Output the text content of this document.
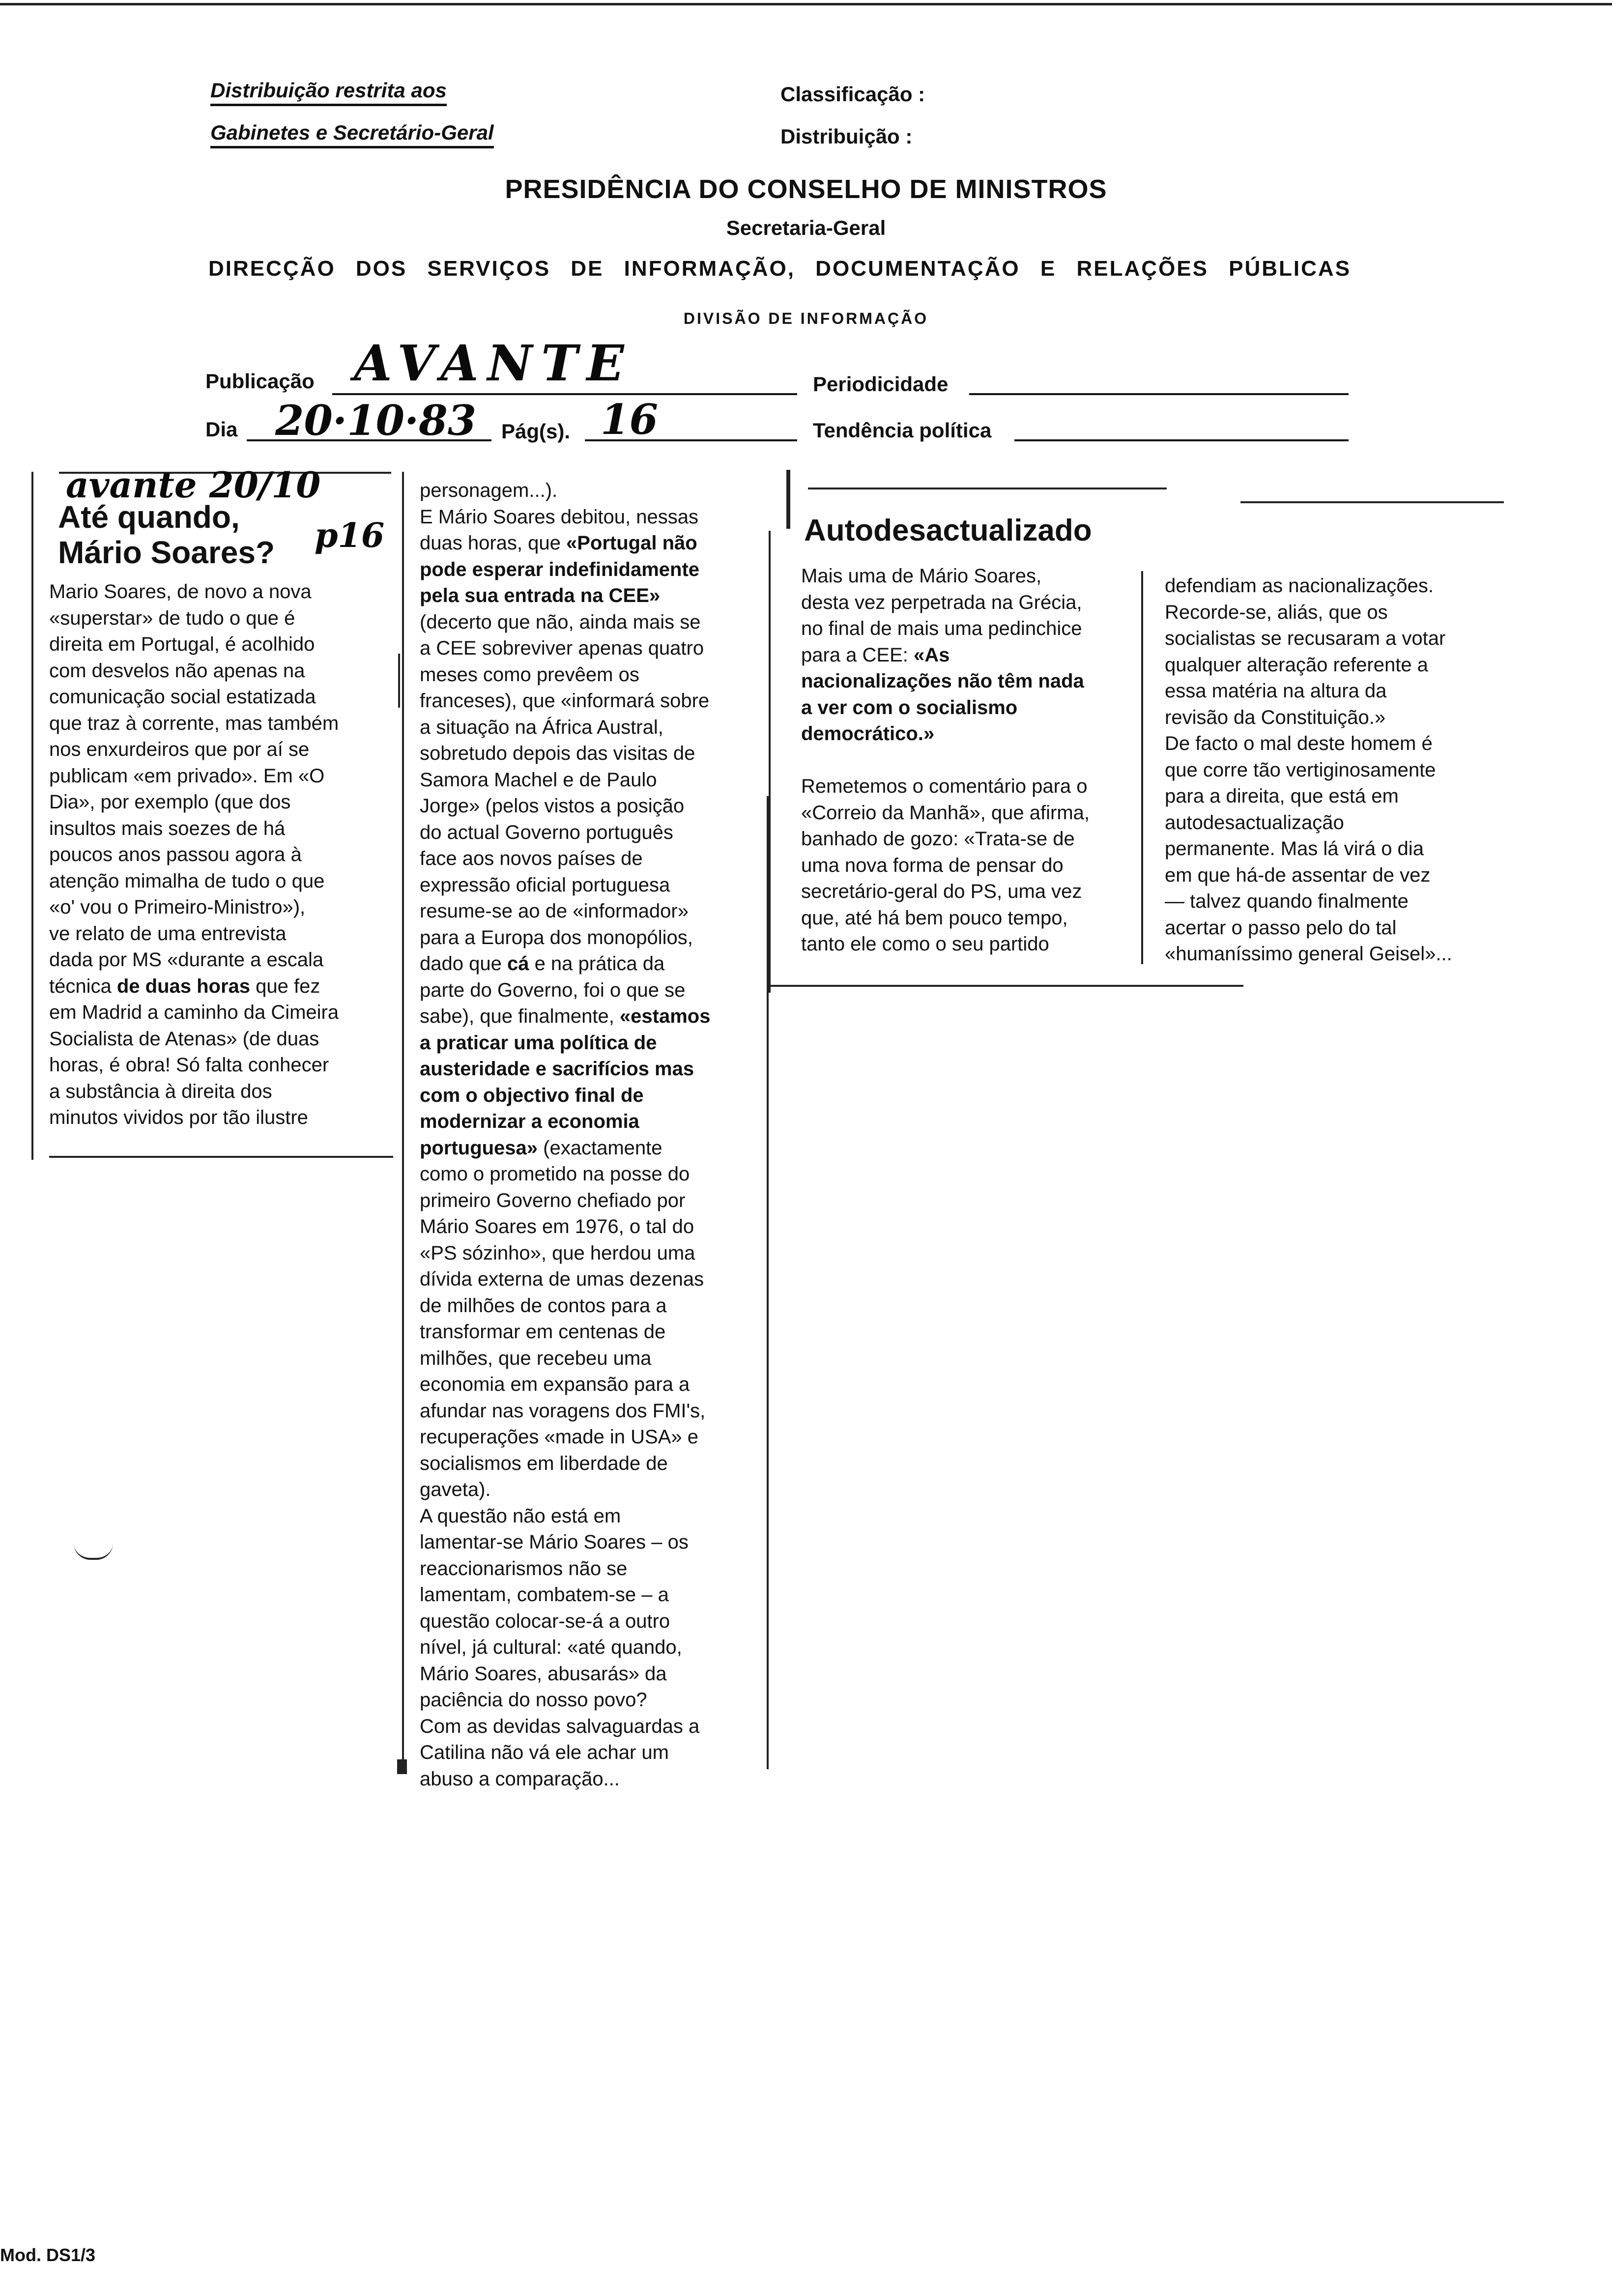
Distribuição restrita aos
Gabinetes e Secretário-Geral
Classificação :
Distribuição :
PRESIDÊNCIA DO CONSELHO DE MINISTROS
Secretaria-Geral
DIRECÇÃO DOS SERVIÇOS DE INFORMAÇÃO, DOCUMENTAÇÃO E RELAÇÕES PÚBLICAS
DIVISÃO DE INFORMAÇÃO
Publicação AVANTE	Periodicidade
Dia 20·10·83 Pág(s). 16	Tendência política
avante 20/10
p16
Até quando,
Mário Soares?
Mario Soares, de novo a nova
«superstar» de tudo o que é
direita em Portugal, é acolhido
com desvelos não apenas na
comunicação social estatizada
que traz à corrente, mas também
nos enxurdeiros que por aí se
publicam «em privado». Em «O
Dia», por exemplo (que dos
insultos mais soezes de há
poucos anos passou agora à
atenção mimalha de tudo o que
«o' vou o Primeiro-Ministro»),
ve relato de uma entrevista
dada por MS «durante a escala
técnica de duas horas que fez
em Madrid a caminho da Cimeira
Socialista de Atenas» (de duas
horas, é obra! Só falta conhecer
a substância à direita dos
minutos vividos por tão ilustre
personagem...).
E Mário Soares debitou, nessas
duas horas, que «Portugal não
pode esperar indefinidamente
pela sua entrada na CEE»
(decerto que não, ainda mais se
a CEE sobreviver apenas quatro
meses como prevêem os
franceses), que «informará sobre
a situação na África Austral,
sobretudo depois das visitas de
Samora Machel e de Paulo
Jorge» (pelos vistos a posição
do actual Governo português
face aos novos países de
expressão oficial portuguesa
resume-se ao de «informador»
para a Europa dos monopólios,
dado que cá e na prática da
parte do Governo, foi o que se
sabe), que finalmente, «estamos
a praticar uma política de
austeridade e sacrifícios mas
com o objectivo final de
modernizar a economia
portuguesa» (exactamente
como o prometido na posse do
primeiro Governo chefiado por
Mário Soares em 1976, o tal do
«PS sózinho», que herdou uma
dívida externa de umas dezenas
de milhões de contos para a
transformar em centenas de
milhões, que recebeu uma
economia em expansão para a
afundar nas voragens dos FMI's,
recuperações «made in USA» e
socialismos em liberdade de
gaveta).
A questão não está em
lamentar-se Mário Soares – os
reaccionarismos não se
lamentam, combatem-se – a
questão colocar-se-á a outro
nível, já cultural: «até quando,
Mário Soares, abusarás» da
paciência do nosso povo?
Com as devidas salvaguardas a
Catilina não vá ele achar um
abuso a comparação...
Autodesactualizado
Mais uma de Mário Soares,
desta vez perpetrada na Grécia,
no final de mais uma pedinchice
para a CEE: «As
nacionalizações não têm nada
a ver com o socialismo
democrático.»

Remetemos o comentário para o
«Correio da Manhã», que afirma,
banhado de gozo: «Trata-se de
uma nova forma de pensar do
secretário-geral do PS, uma vez
que, até há bem pouco tempo,
tanto ele como o seu partido
defendiam as nacionalizações.
Recorde-se, aliás, que os
socialistas se recusaram a votar
qualquer alteração referente a
essa matéria na altura da
revisão da Constituição.»
De facto o mal deste homem é
que corre tão vertiginosamente
para a direita, que está em
autodesactualização
permanente. Mas lá virá o dia
em que há-de assentar de vez
— talvez quando finalmente
acertar o passo pelo do tal
«humaníssimo general Geisel»...
Mod. DS1/3
